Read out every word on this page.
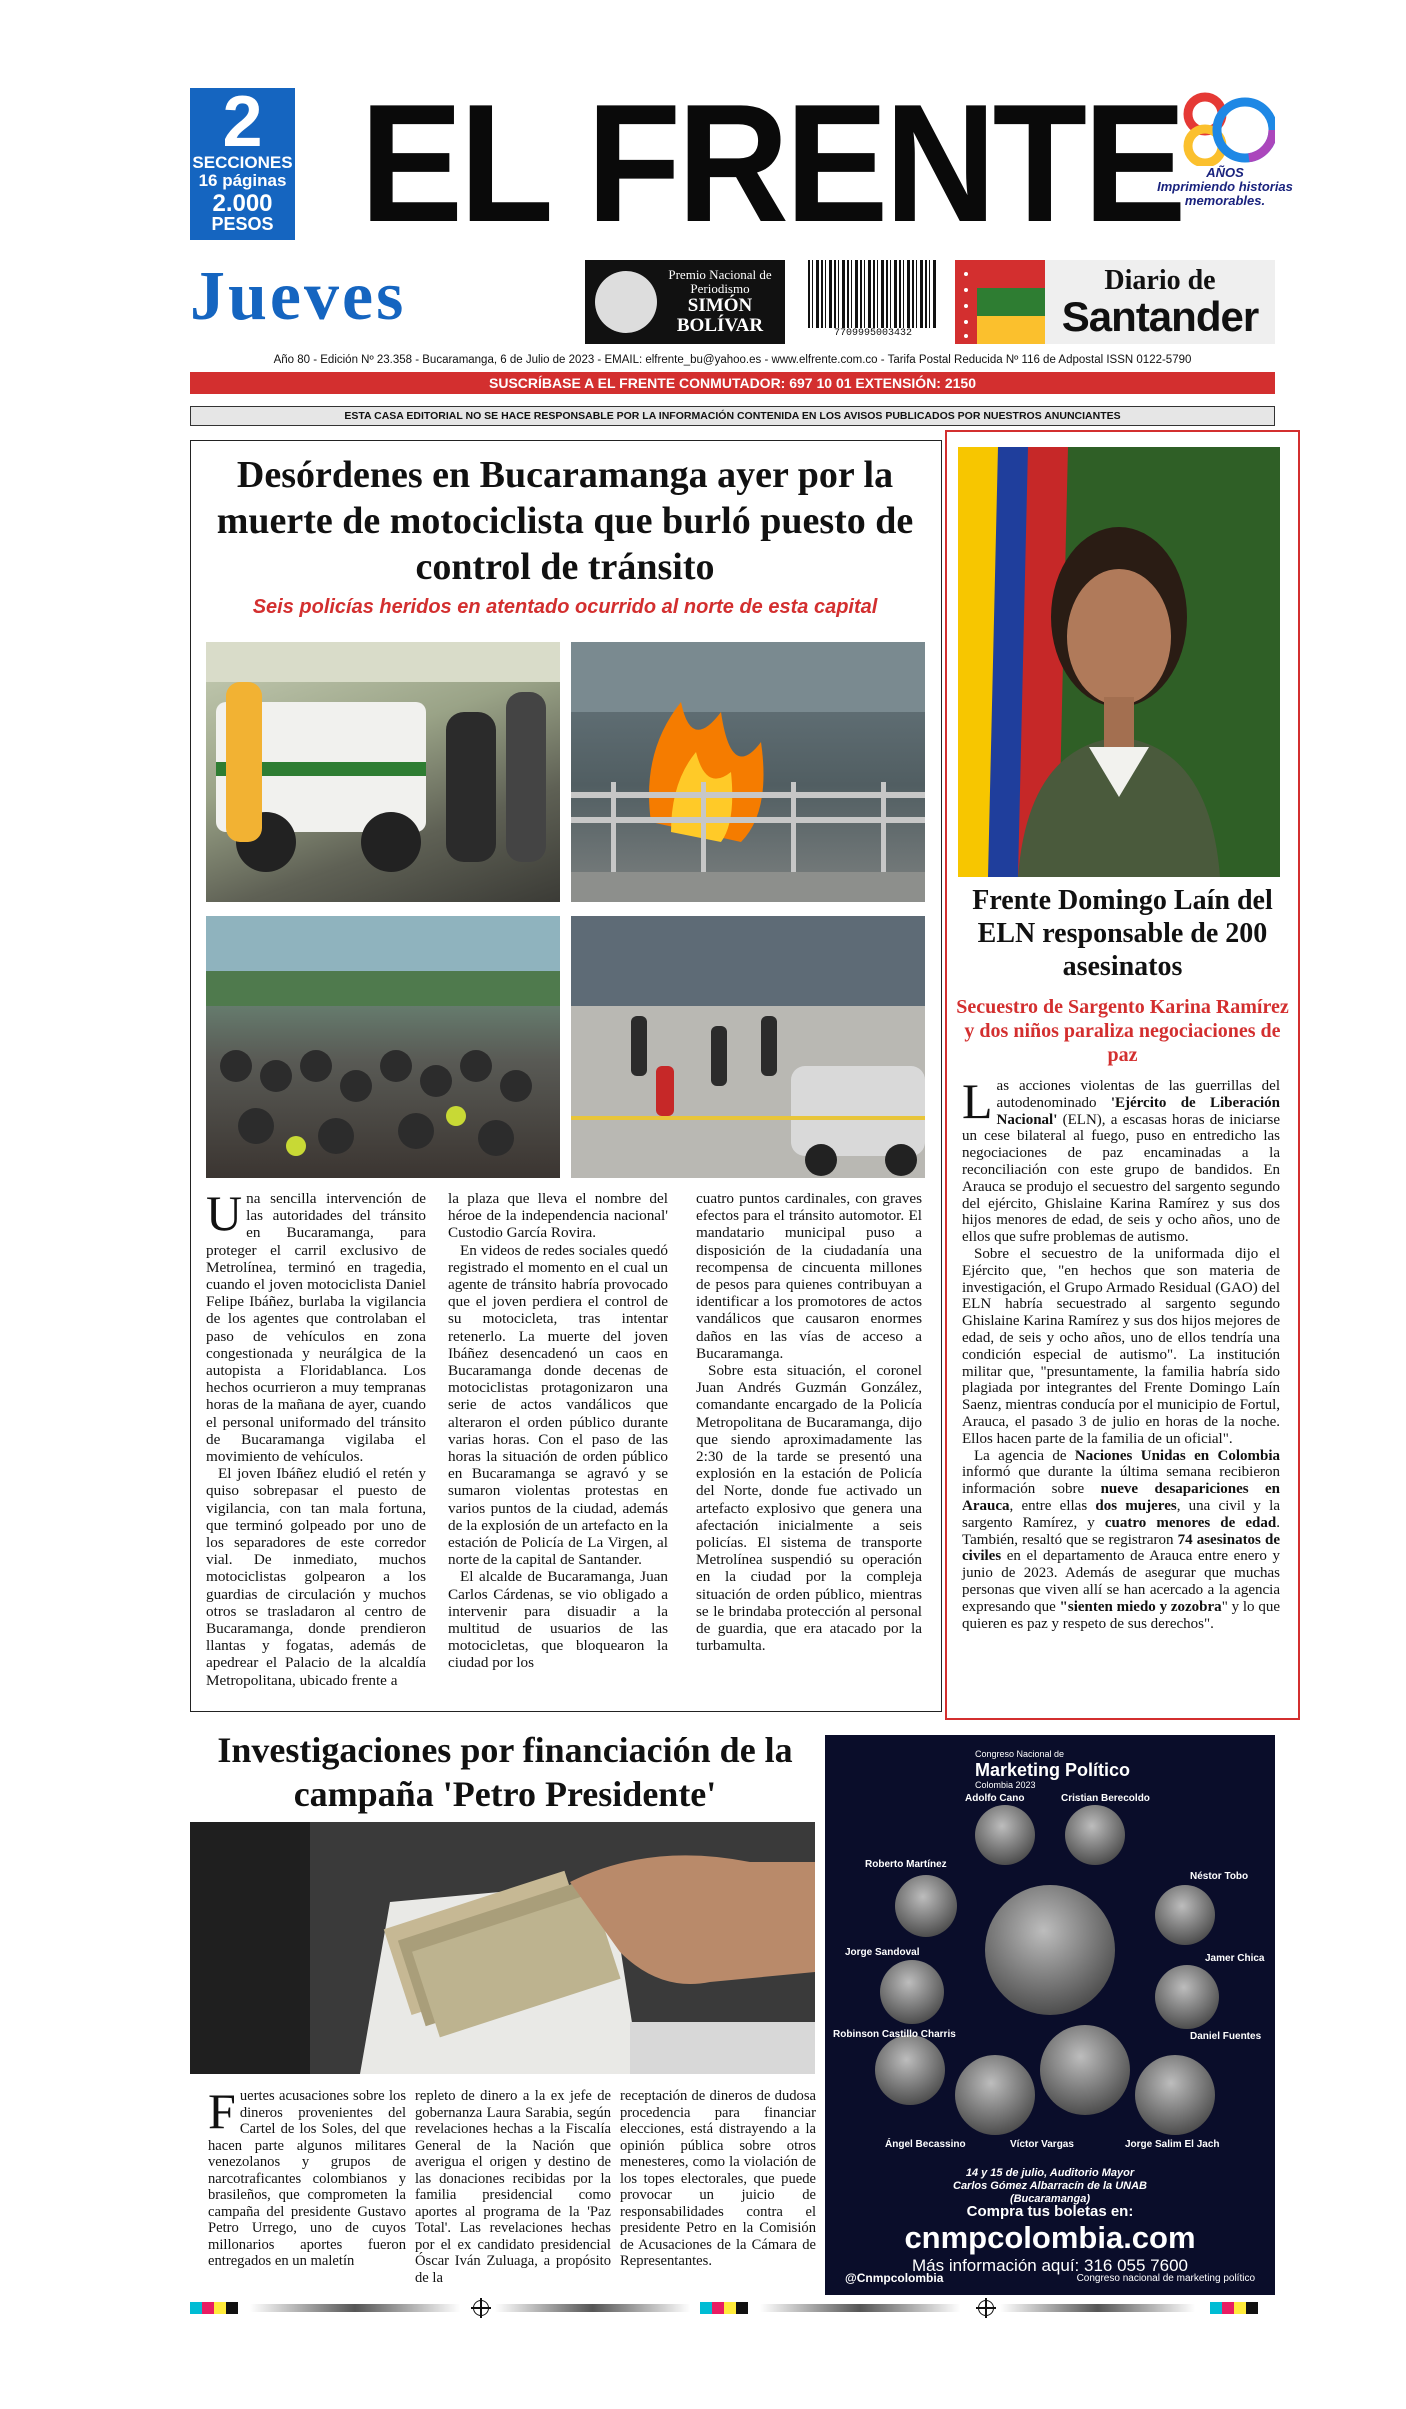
2
SECCIONES
16 páginas
2.000
PESOS EL FRENTE	AÑOS
Imprimiendo historias memorables.
Jueves	Premio Nacional de Periodismo
SIMÓN
BOLÍVAR	7709995003432
Diario de
Santander
Año 80 - Edición Nº 23.358 - Bucaramanga, 6 de Julio de 2023 - EMAIL: elfrente_bu@yahoo.es - www.elfrente.com.co - Tarifa Postal Reducida Nº 116 de Adpostal ISSN 0122-5790
SUSCRÍBASE A EL FRENTE CONMUTADOR: 697 10 01 EXTENSIÓN: 2150
ESTA CASA EDITORIAL NO SE HACE RESPONSABLE POR LA INFORMACIÓN CONTENIDA EN LOS AVISOS PUBLICADOS POR NUESTROS ANUNCIANTES
Desórdenes en Bucaramanga ayer por la muerte de motociclista que burló puesto de control de tránsito
Seis policías heridos en atentado ocurrido al norte de esta capital

Una sencilla intervención de las autoridades del tránsito en Bucaramanga, para proteger el carril exclusivo de Metrolínea, terminó en tragedia, cuando el joven motociclista Daniel Felipe Ibáñez, burlaba la vigilancia de los agentes que controlaban el paso de vehículos en zona congestionada y neurálgica de la autopista a Floridablanca. Los hechos ocurrieron a muy tempranas horas de la mañana de ayer, cuando el personal uniformado del tránsito de Bucaramanga vigilaba el movimiento de vehículos.

El joven Ibáñez eludió el retén y quiso sobrepasar el puesto de vigilancia, con tan mala fortuna, que terminó golpeado por uno de los separadores de este corredor vial. De inmediato, muchos motociclistas golpearon a los guardias de circulación y muchos otros se trasladaron al centro de Bucaramanga, donde prendieron llantas y fogatas, además de apedrear el Palacio de la alcaldía Metropolitana, ubicado frente a

la plaza que lleva el nombre del héroe de la independencia nacional' Custodio García Rovira.

En videos de redes sociales quedó registrado el momento en el cual un agente de tránsito habría provocado que el joven perdiera el control de su motocicleta, tras intentar retenerlo. La muerte del joven Ibáñez desencadenó un caos en Bucaramanga donde decenas de motociclistas protagonizaron una serie de actos vandálicos que alteraron el orden público durante varias horas. Con el paso de las horas la situación de orden público en Bucaramanga se agravó y se sumaron violentas protestas en varios puntos de la ciudad, además de la explosión de un artefacto en la estación de Policía de La Virgen, al norte de la capital de Santander.

El alcalde de Bucaramanga, Juan Carlos Cárdenas, se vio obligado a intervenir para disuadir a la multitud de usuarios de las motocicletas, que bloquearon la ciudad por los

cuatro puntos cardinales, con graves efectos para el tránsito automotor. El mandatario municipal puso a disposición de la ciudadanía una recompensa de cincuenta millones de pesos para quienes contribuyan a identificar a los promotores de actos vandálicos que causaron enormes daños en las vías de acceso a Bucaramanga.

Sobre esta situación, el coronel Juan Andrés Guzmán González, comandante encargado de la Policía Metropolitana de Bucaramanga, dijo que siendo aproximadamente las 2:30 de la tarde se presentó una explosión en la estación de Policía del Norte, donde fue activado un artefacto explosivo que genera una afectación inicialmente a seis policías. El sistema de transporte Metrolínea suspendió su operación en la ciudad por la compleja situación de orden público, mientras se le brindaba protección al personal de guardia, que era atacado por la turbamulta.

Frente Domingo Laín del ELN responsable de 200 asesinatos
Secuestro de Sargento Karina Ramírez y dos niños paraliza negociaciones de paz

Las acciones violentas de las guerrillas del autodenominado 'Ejército de Liberación Nacional' (ELN), a escasas horas de iniciarse un cese bilateral al fuego, puso en entredicho las negociaciones de paz encaminadas a la reconciliación con este grupo de bandidos. En Arauca se produjo el secuestro del sargento segundo del ejército, Ghislaine Karina Ramírez y sus dos hijos menores de edad, de seis y ocho años, uno de ellos que sufre problemas de autismo.

Sobre el secuestro de la uniformada dijo el Ejército que, "en hechos que son materia de investigación, el Grupo Armado Residual (GAO) del ELN habría secuestrado al sargento segundo Ghislaine Karina Ramírez y sus dos hijos mejores de edad, de seis y ocho años, uno de ellos tendría una condición especial de autismo". La institución militar que, "presuntamente, la familia habría sido plagiada por integrantes del Frente Domingo Laín Saenz, mientras conducía por el municipio de Fortul, Arauca, el pasado 3 de julio en horas de la noche. Ellos hacen parte de la familia de un oficial".

La agencia de Naciones Unidas en Colombia informó que durante la última semana recibieron información sobre nueve desapariciones en Arauca, entre ellas dos mujeres, una civil y la sargento Ramírez, y cuatro menores de edad. También, resaltó que se registraron 74 asesinatos de civiles en el departamento de Arauca entre enero y junio de 2023. Además de asegurar que muchas personas que viven allí se han acercado a la agencia expresando que "sienten miedo y zozobra" y lo que quieren es paz y respeto de sus derechos".

Investigaciones por financiación de la campaña 'Petro Presidente'

Fuertes acusaciones sobre los dineros provenientes del Cartel de los Soles, del que hacen parte algunos militares venezolanos y grupos de narcotraficantes colombianos y brasileños, que comprometen la campaña del presidente Gustavo Petro Urrego, uno de cuyos millonarios aportes fueron entregados en un maletín

repleto de dinero a la ex jefe de gobernanza Laura Sarabia, según revelaciones hechas a la Fiscalía General de la Nación que averigua el origen y destino de las donaciones recibidas por la familia presidencial como aportes al programa de la 'Paz Total'. Las revelaciones hechas por el ex candidato presidencial Óscar Iván Zuluaga, a propósito de la

receptación de dineros de dudosa procedencia para financiar elecciones, está distrayendo a la opinión pública sobre otros menesteres, como la violación de los topes electorales, que puede provocar un juicio de responsabilidades contra el presidente Petro en la Comisión de Acusaciones de la Cámara de Representantes.

Congreso Nacional de
Marketing Político
Colombia 2023
Adolfo Cano	Cristian Berecoldo
Roberto Martínez
Néstor Tobo
Jorge Sandoval
Jamer Chica
Daniel Fuentes
Robinson Castillo Charris
Ángel Becassino	Víctor Vargas	Jorge Salim El Jach
14 y 15 de julio, Auditorio Mayor
Carlos Gómez Albarracín de la UNAB (Bucaramanga)
Compra tus boletas en:
cnmpcolombia.com
Más información aquí: 316 055 7600
@Cnmpcolombia	Congreso nacional de marketing político
